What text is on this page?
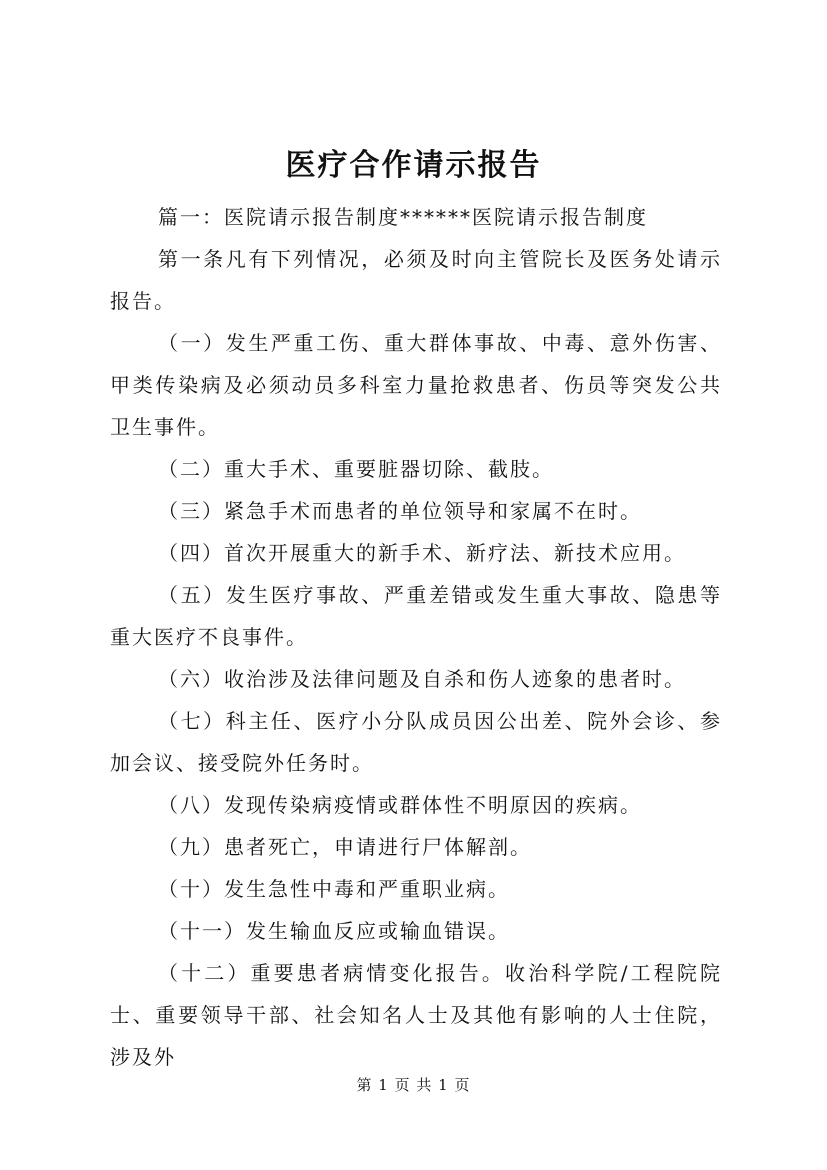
医疗合作请示报告

篇一：医院请示报告制度******医院请示报告制度

第一条凡有下列情况，必须及时向主管院长及医务处请示报告。

（一）发生严重工伤、重大群体事故、中毒、意外伤害、甲类传染病及必须动员多科室力量抢救患者、伤员等突发公共卫生事件。

（二）重大手术、重要脏器切除、截肢。

（三）紧急手术而患者的单位领导和家属不在时。

（四）首次开展重大的新手术、新疗法、新技术应用。

（五）发生医疗事故、严重差错或发生重大事故、隐患等重大医疗不良事件。

（六）收治涉及法律问题及自杀和伤人迹象的患者时。

（七）科主任、医疗小分队成员因公出差、院外会诊、参加会议、接受院外任务时。

（八）发现传染病疫情或群体性不明原因的疾病。

（九）患者死亡，申请进行尸体解剖。

（十）发生急性中毒和严重职业病。

（十一）发生输血反应或输血错误。

（十二）重要患者病情变化报告。收治科学院/工程院院士、重要领导干部、社会知名人士及其他有影响的人士住院，涉及外

第 1 页 共 1 页
